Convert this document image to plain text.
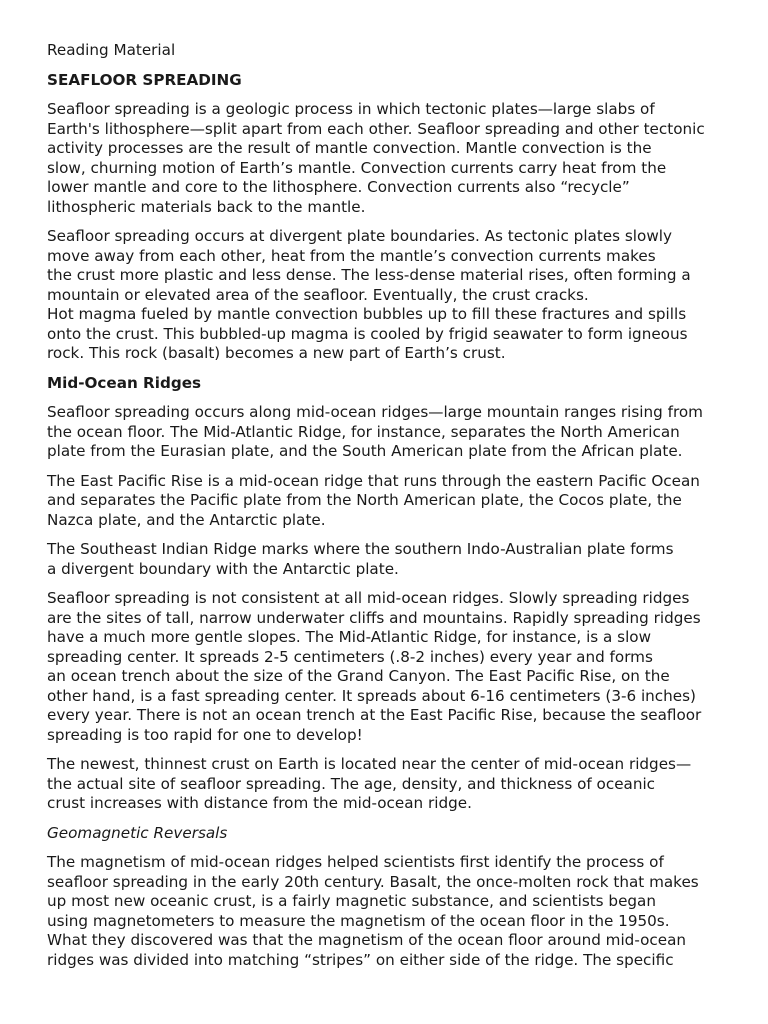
Reading Material

SEAFLOOR SPREADING

Seafloor spreading is a geologic process in which tectonic plates—large slabs of
Earth's lithosphere—split apart from each other. Seafloor spreading and other tectonic
activity processes are the result of mantle convection. Mantle convection is the
slow, churning motion of Earth’s mantle. Convection currents carry heat from the
lower mantle and core to the lithosphere. Convection currents also “recycle”
lithospheric materials back to the mantle.

Seafloor spreading occurs at divergent plate boundaries. As tectonic plates slowly
move away from each other, heat from the mantle’s convection currents makes
the crust more plastic and less dense. The less-dense material rises, often forming a
mountain or elevated area of the seafloor. Eventually, the crust cracks.
Hot magma fueled by mantle convection bubbles up to fill these fractures and spills
onto the crust. This bubbled-up magma is cooled by frigid seawater to form igneous
rock. This rock (basalt) becomes a new part of Earth’s crust.

Mid-Ocean Ridges

Seafloor spreading occurs along mid-ocean ridges—large mountain ranges rising from
the ocean floor. The Mid-Atlantic Ridge, for instance, separates the North American
plate from the Eurasian plate, and the South American plate from the African plate.

The East Pacific Rise is a mid-ocean ridge that runs through the eastern Pacific Ocean
and separates the Pacific plate from the North American plate, the Cocos plate, the
Nazca plate, and the Antarctic plate.

The Southeast Indian Ridge marks where the southern Indo-Australian plate forms
a divergent boundary with the Antarctic plate.

Seafloor spreading is not consistent at all mid-ocean ridges. Slowly spreading ridges
are the sites of tall, narrow underwater cliffs and mountains. Rapidly spreading ridges
have a much more gentle slopes. The Mid-Atlantic Ridge, for instance, is a slow
spreading center. It spreads 2-5 centimeters (.8-2 inches) every year and forms
an ocean trench about the size of the Grand Canyon. The East Pacific Rise, on the
other hand, is a fast spreading center. It spreads about 6-16 centimeters (3-6 inches)
every year. There is not an ocean trench at the East Pacific Rise, because the seafloor
spreading is too rapid for one to develop!

The newest, thinnest crust on Earth is located near the center of mid-ocean ridges—
the actual site of seafloor spreading. The age, density, and thickness of oceanic
crust increases with distance from the mid-ocean ridge.

Geomagnetic Reversals

The magnetism of mid-ocean ridges helped scientists first identify the process of
seafloor spreading in the early 20th century. Basalt, the once-molten rock that makes
up most new oceanic crust, is a fairly magnetic substance, and scientists began
using magnetometers to measure the magnetism of the ocean floor in the 1950s.
What they discovered was that the magnetism of the ocean floor around mid-ocean
ridges was divided into matching “stripes” on either side of the ridge. The specific
